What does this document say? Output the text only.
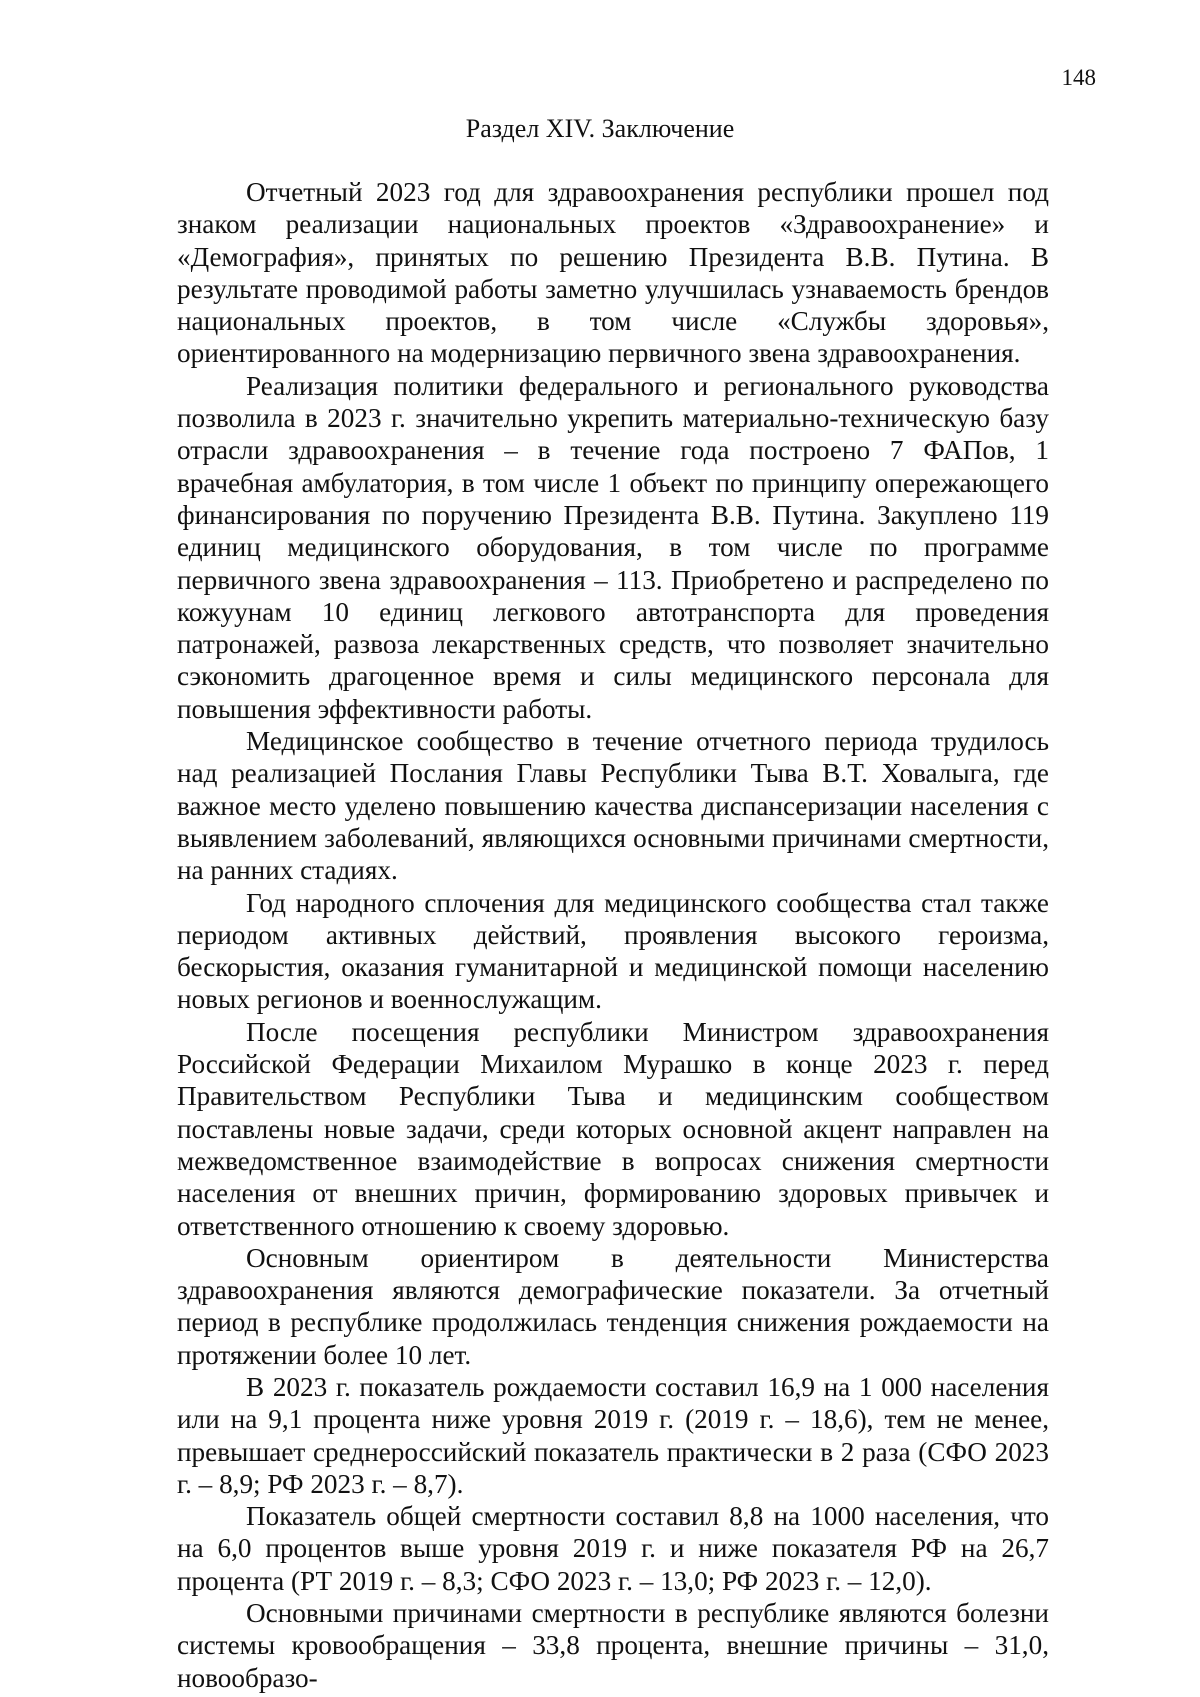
148
Раздел XIV. Заключение

Отчетный 2023 год для здравоохранения республики прошел под знаком реализации национальных проектов «Здравоохранение» и «Демография», принятых по решению Президента В.В. Путина. В результате проводимой работы заметно улучшилась узнаваемость брендов национальных проектов, в том числе «Службы здоровья», ориентированного на модернизацию первичного звена здравоохранения.

Реализация политики федерального и регионального руководства позволила в 2023 г. значительно укрепить материально-техническую базу отрасли здравоохранения – в течение года построено 7 ФАПов, 1 врачебная амбулатория, в том числе 1 объект по принципу опережающего финансирования по поручению Президента В.В. Путина. Закуплено 119 единиц медицинского оборудования, в том числе по программе первичного звена здравоохранения – 113. Приобретено и распределено по кожуунам 10 единиц легкового автотранспорта для проведения патронажей, развоза лекарственных средств, что позволяет значительно сэкономить драгоценное время и силы медицинского персонала для повышения эффективности работы.

Медицинское сообщество в течение отчетного периода трудилось над реализацией Послания Главы Республики Тыва В.Т. Ховалыга, где важное место уделено повышению качества диспансеризации населения с выявлением заболеваний, являющихся основными причинами смертности, на ранних стадиях.

Год народного сплочения для медицинского сообщества стал также периодом активных действий, проявления высокого героизма, бескорыстия, оказания гуманитарной и медицинской помощи населению новых регионов и военнослужащим.

После посещения республики Министром здравоохранения Российской Федерации Михаилом Мурашко в конце 2023 г. перед Правительством Республики Тыва и медицинским сообществом поставлены новые задачи, среди которых основной акцент направлен на межведомственное взаимодействие в вопросах снижения смертности населения от внешних причин, формированию здоровых привычек и ответственного отношению к своему здоровью.

Основным ориентиром в деятельности Министерства здравоохранения являются демографические показатели. За отчетный период в республике продолжилась тенденция снижения рождаемости на протяжении более 10 лет.

В 2023 г. показатель рождаемости составил 16,9 на 1 000 населения или на 9,1 процента ниже уровня 2019 г. (2019 г. – 18,6), тем не менее, превышает среднероссийский показатель практически в 2 раза (СФО 2023 г. – 8,9; РФ 2023 г. – 8,7).

Показатель общей смертности составил 8,8 на 1000 населения, что на 6,0 процентов выше уровня 2019 г. и ниже показателя РФ на 26,7 процента (РТ 2019 г. – 8,3; СФО 2023 г. – 13,0; РФ 2023 г. – 12,0).

Основными причинами смертности в республике являются болезни системы кровообращения – 33,8 процента, внешние причины – 31,0, новообразо-
